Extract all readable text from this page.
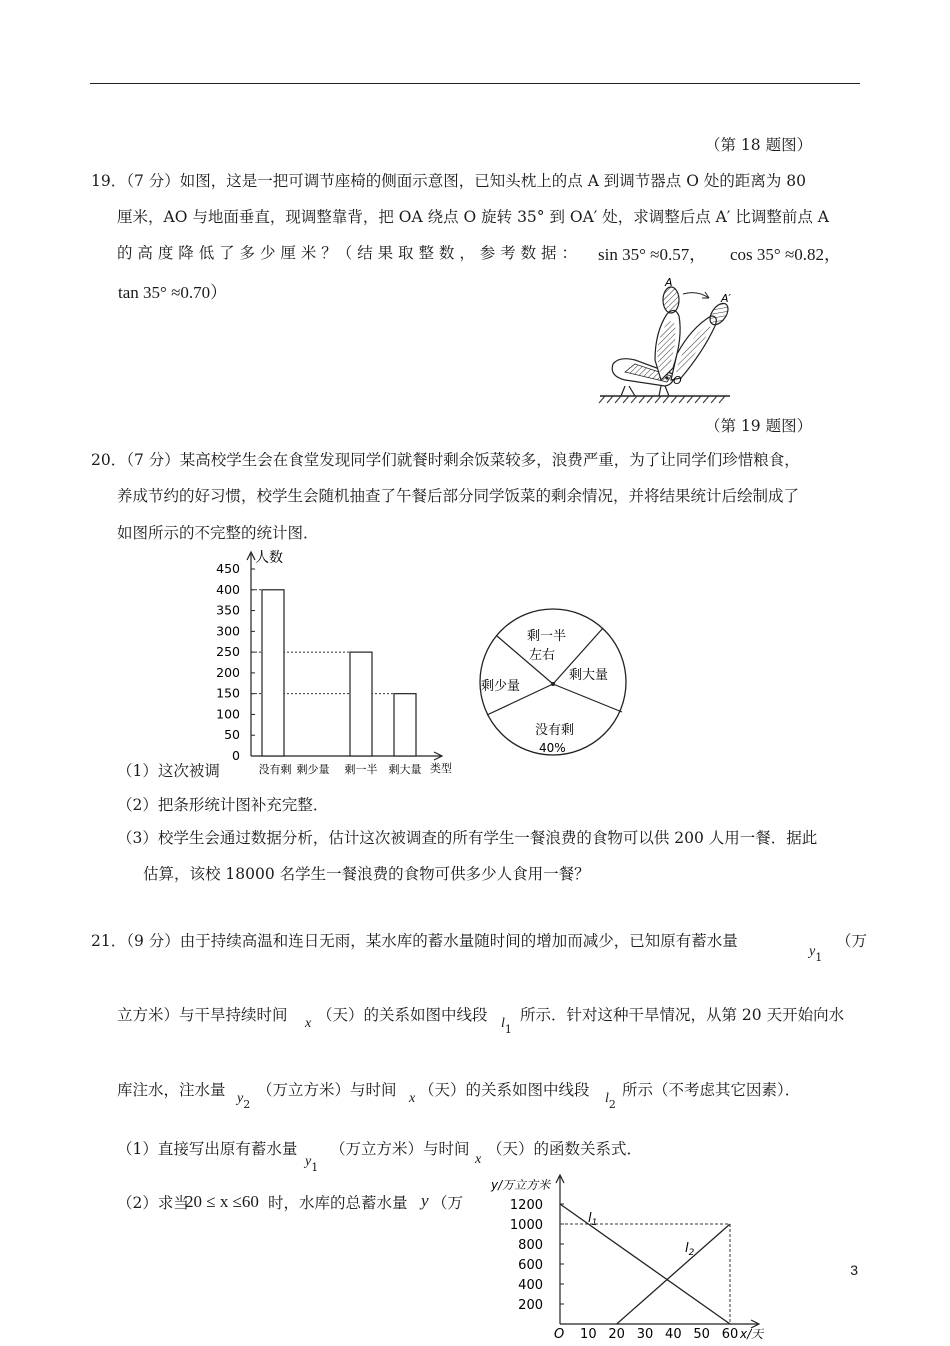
（第 18 题图）
19．（7 分）如图，这是一把可调节座椅的侧面示意图，已知头枕上的点 A 到调节器点 O 处的距离为 80
厘米，AO 与地面垂直，现调整靠背，把 OA 绕点 O 旋转 35° 到 OA′ 处，求调整后点 A′ 比调整前点 A
的 高 度 降 低 了 多 少 厘 米 ？（ 结 果 取 整 数 ， 参 考 数 据 ： sin 35° ≈0.57， cos 35° ≈0.82，
tan 35° ≈0.70）
A
A′
O
（第 19 题图）
20．（7 分）某高校学生会在食堂发现同学们就餐时剩余饭菜较多，浪费严重，为了让同学们珍惜粮食，
养成节约的好习惯，校学生会随机抽查了午餐后部分同学饭菜的剩余情况，并将结果统计后绘制成了
如图所示的不完整的统计图．
0
50
100
150
200
250
300
350
400
450
没有剩 剩少量 剩一半 剩大量
人数
类型
剩一半
左右
剩大量
剩少量
没有剩
40%
（1）这次被调
（2）把条形统计图补充完整．
（3）校学生会通过数据分析，估计这次被调查的所有学生一餐浪费的食物可以供 200 人用一餐．据此
估算，该校 18000 名学生一餐浪费的食物可供多少人食用一餐？
21．（9 分）由于持续高温和连日无雨，某水库的蓄水量随时间的增加而减少，已知原有蓄水量
$y_1$
（万
立方米）与干旱持续时间 x （天）的关系如图中线段 $l_1$
所示．针对这种干旱情况，从第 20 天开始向水
库注水，注水量 $y_2$
（万立方米）与时间 x （天）的关系如图中线段 $l_2$
所示（不考虑其它因素）．
（1）直接写出原有蓄水量
$y_1$
（万立方米）与时间
x
（天）的函数关系式．
（2）求当
20 ≤ x ≤60 时，水库的总蓄水量 y （万
200
400
600
800
1000
1200
10 20 30 40 50 60
y/万立方米
x/天
O
$l_1$
$l_2$
3
